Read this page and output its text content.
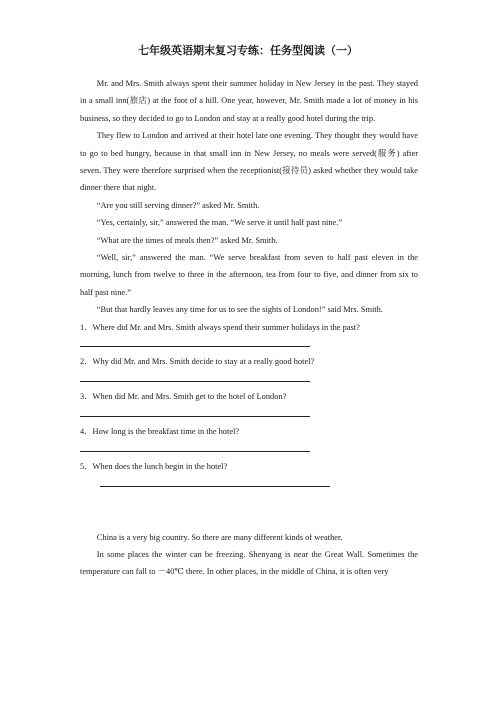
七年级英语期末复习专练：任务型阅读（一）

Mr. and Mrs. Smith always spent their summer holiday in New Jersey in the past. They stayed in a small inn(旅店) at the foot of a hill. One year, however, Mr. Smith made a lot of money in his business, so they decided to go to London and stay at a really good hotel during the trip.

They flew to London and arrived at their hotel late one evening. They thought they would have to go to bed hungry, because in that small inn in New Jersey, no meals were served(服务) after seven. They were therefore surprised when the receptionist(接待员) asked whether they would take dinner there that night.

“Are you still serving dinner?” asked Mr. Smith.

“Yes, certainly, sir,” answered the man. “We serve it until half past nine.”

“What are the times of meals then?” asked Mr. Smith.

“Well, sir,” answered the man. “We serve breakfast from seven to half past eleven in the morning, lunch from twelve to three in the afternoon, tea from four to five, and dinner from six to half past nine.”

“But that hardly leaves any time for us to see the sights of London!” said Mrs. Smith.

1．Where did Mr. and Mrs. Smith always spend their summer holidays in the past?

2．Why did Mr. and Mrs. Smith decide to stay at a really good hotel?

3．When did Mr. and Mrs. Smith get to the hotel of London?

4．How long is the breakfast time in the hotel?

5．When does the lunch begin in the hotel?

China is a very big country. So there are many different kinds of weather.

In some places the winter can be freezing. Shenyang is near the Great Wall. Sometimes the temperature can fall to －40℃ there. In other places, in the middle of China, it is often very
